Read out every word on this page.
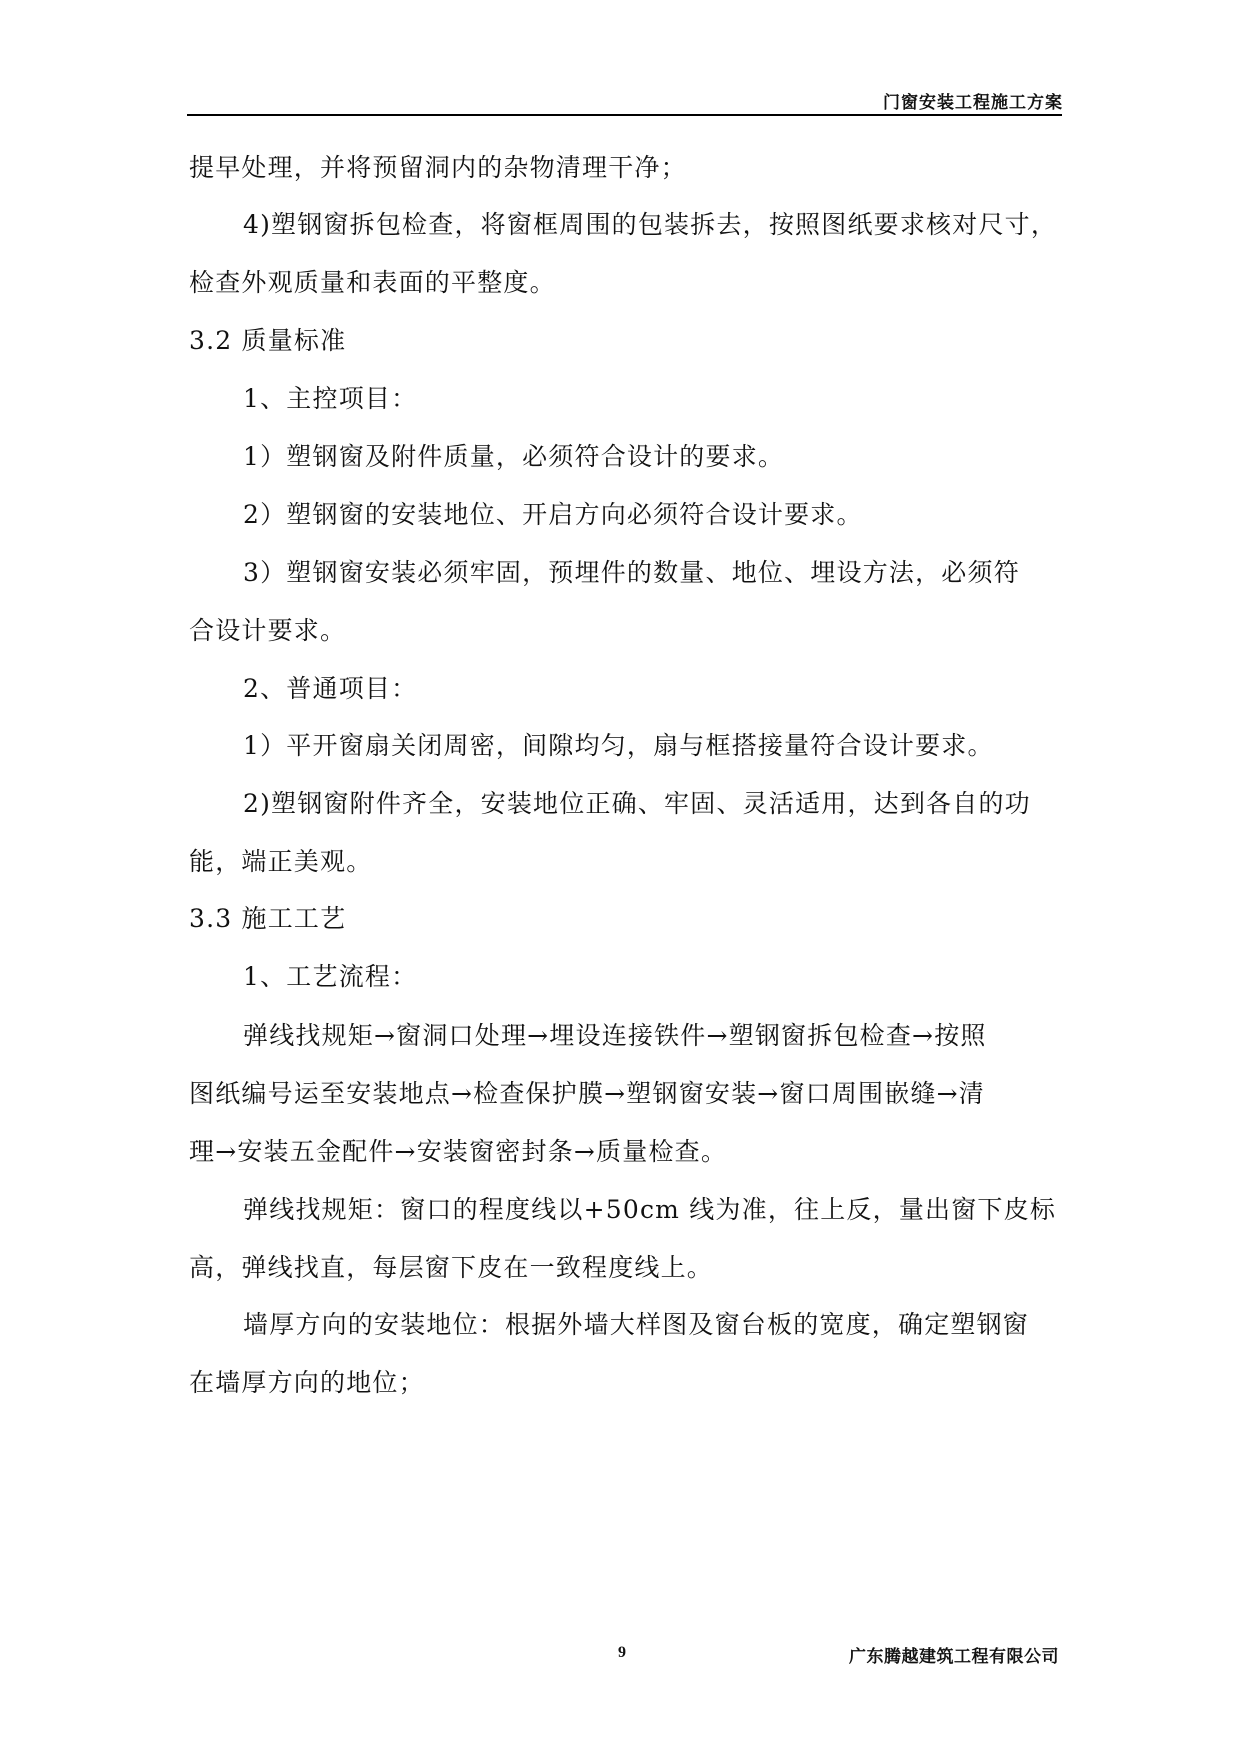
门窗安装工程施工方案
提早处理，并将预留洞内的杂物清理干净；
4)塑钢窗拆包检查，将窗框周围的包装拆去，按照图纸要求核对尺寸，
检查外观质量和表面的平整度。
3.2 质量标准
1、主控项目：
1）塑钢窗及附件质量，必须符合设计的要求。
2）塑钢窗的安装地位、开启方向必须符合设计要求。
3）塑钢窗安装必须牢固，预埋件的数量、地位、埋设方法，必须符
合设计要求。
2、普通项目：
1）平开窗扇关闭周密，间隙均匀，扇与框搭接量符合设计要求。
2)塑钢窗附件齐全，安装地位正确、牢固、灵活适用，达到各自的功
能，端正美观。
3.3 施工工艺
1、工艺流程：
弹线找规矩→窗洞口处理→埋设连接铁件→塑钢窗拆包检查→按照
图纸编号运至安装地点→检查保护膜→塑钢窗安装→窗口周围嵌缝→清
理→安装五金配件→安装窗密封条→质量检查。
弹线找规矩：窗口的程度线以+50cm 线为准，往上反，量出窗下皮标
高，弹线找直，每层窗下皮在一致程度线上。
墙厚方向的安装地位：根据外墙大样图及窗台板的宽度，确定塑钢窗
在墙厚方向的地位；
9	广东腾越建筑工程有限公司
